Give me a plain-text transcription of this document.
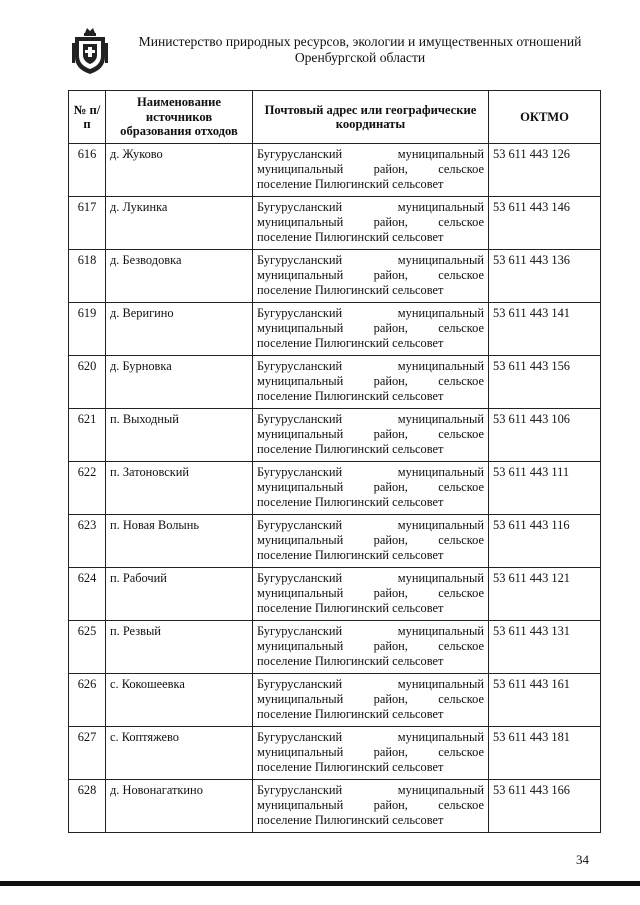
Министерство природных ресурсов, экологии и имущественных отношений
Оренбургской области
№ п/п	Наименование источников образования отходов	Почтовый адрес или географические координаты	ОКТМО
616	д. Жуково	Бугурусланский муниципальный муниципальный район, сельское поселение Пилюгинский сельсовет	53 611 443 126
617	д. Лукинка	Бугурусланский муниципальный муниципальный район, сельское поселение Пилюгинский сельсовет	53 611 443 146
618	д. Безводовка	Бугурусланский муниципальный муниципальный район, сельское поселение Пилюгинский сельсовет	53 611 443 136
619	д. Веригино	Бугурусланский муниципальный муниципальный район, сельское поселение Пилюгинский сельсовет	53 611 443 141
620	д. Бурновка	Бугурусланский муниципальный муниципальный район, сельское поселение Пилюгинский сельсовет	53 611 443 156
621	п. Выходный	Бугурусланский муниципальный муниципальный район, сельское поселение Пилюгинский сельсовет	53 611 443 106
622	п. Затоновский	Бугурусланский муниципальный муниципальный район, сельское поселение Пилюгинский сельсовет	53 611 443 111
623	п. Новая Волынь	Бугурусланский муниципальный муниципальный район, сельское поселение Пилюгинский сельсовет	53 611 443 116
624	п. Рабочий	Бугурусланский муниципальный муниципальный район, сельское поселение Пилюгинский сельсовет	53 611 443 121
625	п. Резвый	Бугурусланский муниципальный муниципальный район, сельское поселение Пилюгинский сельсовет	53 611 443 131
626	с. Кокошеевка	Бугурусланский муниципальный муниципальный район, сельское поселение Пилюгинский сельсовет	53 611 443 161
627	с. Коптяжево	Бугурусланский муниципальный муниципальный район, сельское поселение Пилюгинский сельсовет	53 611 443 181
628	д. Новонагаткино	Бугурусланский муниципальный муниципальный район, сельское поселение Пилюгинский сельсовет	53 611 443 166
34
